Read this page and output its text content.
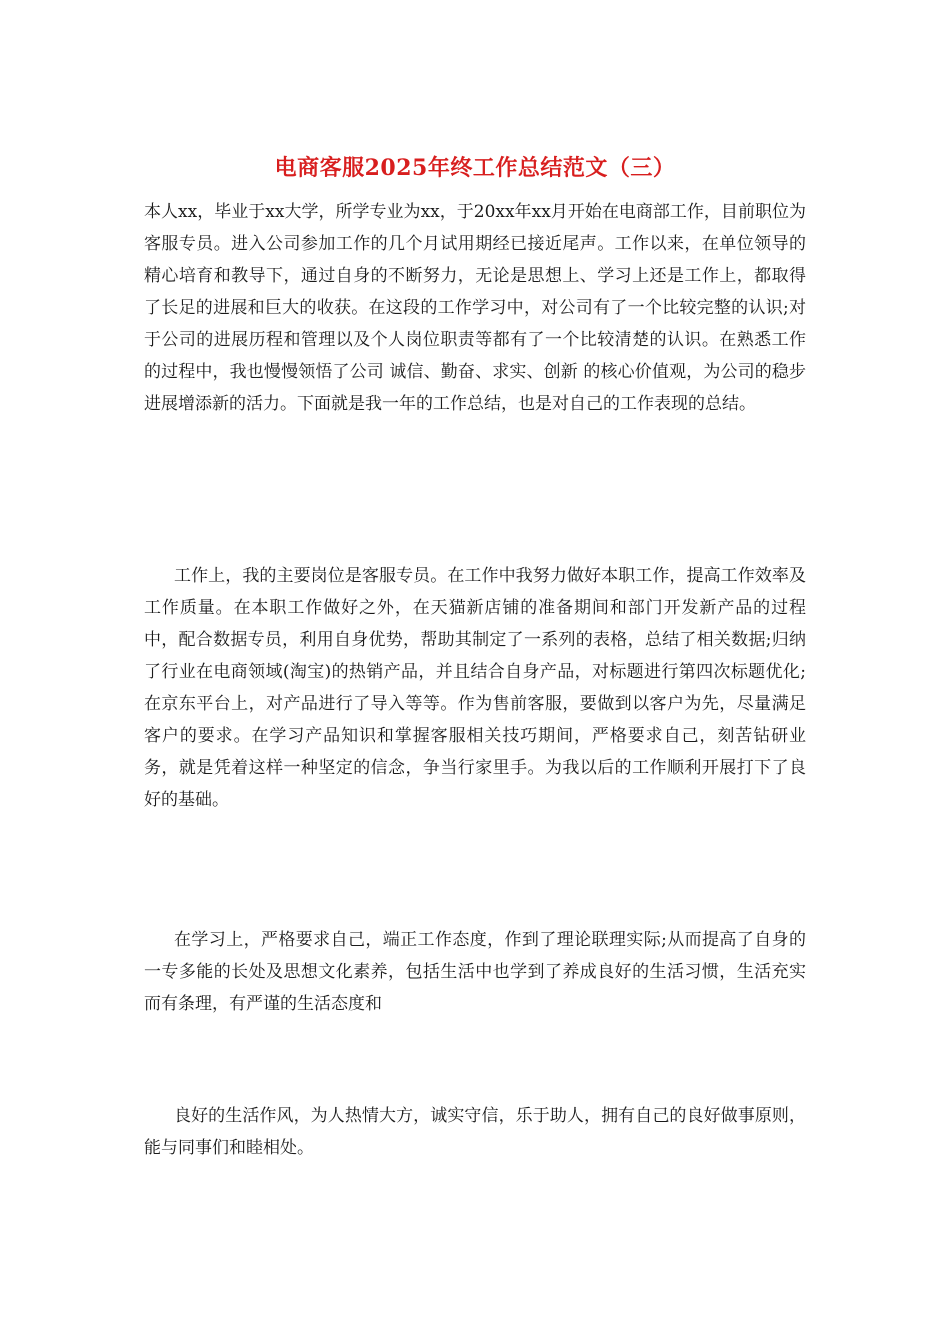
电商客服2025年终工作总结范文（三）

本人xx，毕业于xx大学，所学专业为xx，于20xx年xx月开始在电商部工作，目前职位为客服专员。进入公司参加工作的几个月试用期经已接近尾声。工作以来，在单位领导的精心培育和教导下，通过自身的不断努力，无论是思想上、学习上还是工作上，都取得了长足的进展和巨大的收获。在这段的工作学习中，对公司有了一个比较完整的认识;对于公司的进展历程和管理以及个人岗位职责等都有了一个比较清楚的认识。在熟悉工作的过程中，我也慢慢领悟了公司 诚信、勤奋、求实、创新 的核心价值观，为公司的稳步进展增添新的活力。下面就是我一年的工作总结，也是对自己的工作表现的总结。

工作上，我的主要岗位是客服专员。在工作中我努力做好本职工作，提高工作效率及工作质量。在本职工作做好之外，在天猫新店铺的准备期间和部门开发新产品的过程中，配合数据专员，利用自身优势，帮助其制定了一系列的表格，总结了相关数据;归纳了行业在电商领域(淘宝)的热销产品，并且结合自身产品，对标题进行第四次标题优化;在京东平台上，对产品进行了导入等等。作为售前客服，要做到以客户为先，尽量满足客户的要求。在学习产品知识和掌握客服相关技巧期间，严格要求自己，刻苦钻研业务，就是凭着这样一种坚定的信念，争当行家里手。为我以后的工作顺利开展打下了良好的基础。

在学习上，严格要求自己，端正工作态度，作到了理论联理实际;从而提高了自身的一专多能的长处及思想文化素养，包括生活中也学到了养成良好的生活习惯，生活充实而有条理，有严谨的生活态度和

良好的生活作风，为人热情大方，诚实守信，乐于助人，拥有自己的良好做事原则，能与同事们和睦相处。
